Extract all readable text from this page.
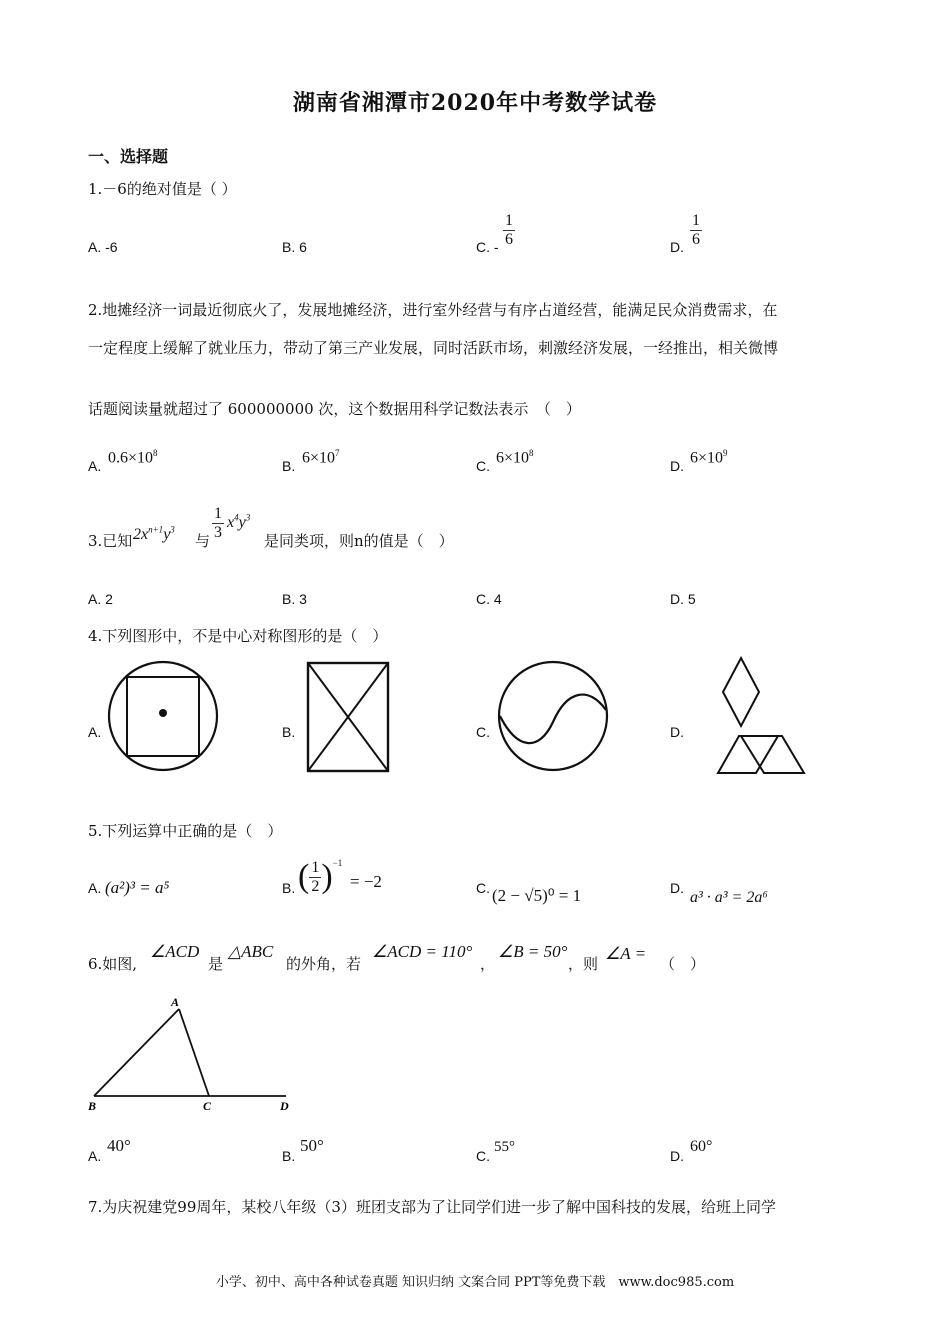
湖南省湘潭市2020年中考数学试卷
一、选择题
1.－6的绝对值是（ ）
A. -6	B. 6	C. - $\frac{1}{6}$	D. $\frac{1}{6}$
2.地摊经济一词最近彻底火了，发展地摊经济，进行室外经营与有序占道经营，能满足民众消费需求，在
一定程度上缓解了就业压力，带动了第三产业发展，同时活跃市场，刺激经济发展，一经推出，相关微博
话题阅读量就超过了 600000000 次，这个数据用科学记数法表示　（　）
A. $0.6\times 10^8$
B. $6\times 10^7$
C. $6\times 10^8$
D. $6\times 10^9$
3.已知 $2x^{n+1}y^3$
与 $\frac{1}{3} x^4y^3$
是同类项，则n的值是（　）
A. 2	B. 3	C. 4	D. 5
4.下列图形中，不是中心对称图形的是（　）
A.	B.	C.	D.
5.下列运算中正确的是（　）
A. (a²)³ = a⁵	B. ( $\frac{1}{2} )^{-1}$
= −2	C. (2 − √5)⁰ = 1	D.
a³ · a³ = 2a⁶
6.如图,
∠ACD
是
△ABC
的外角，若
∠ACD = 110°
，
∠B = 50°
，则
∠A =
（　）
A
B	C	D
A.
40°
B.
50°
C.
55°
D.
60°
7.为庆祝建党99周年，某校八年级（3）班团支部为了让同学们进一步了解中国科技的发展，给班上同学
小学、初中、高中各种试卷真题 知识归纳 文案合同 PPT等免费下载　www.doc985.com
